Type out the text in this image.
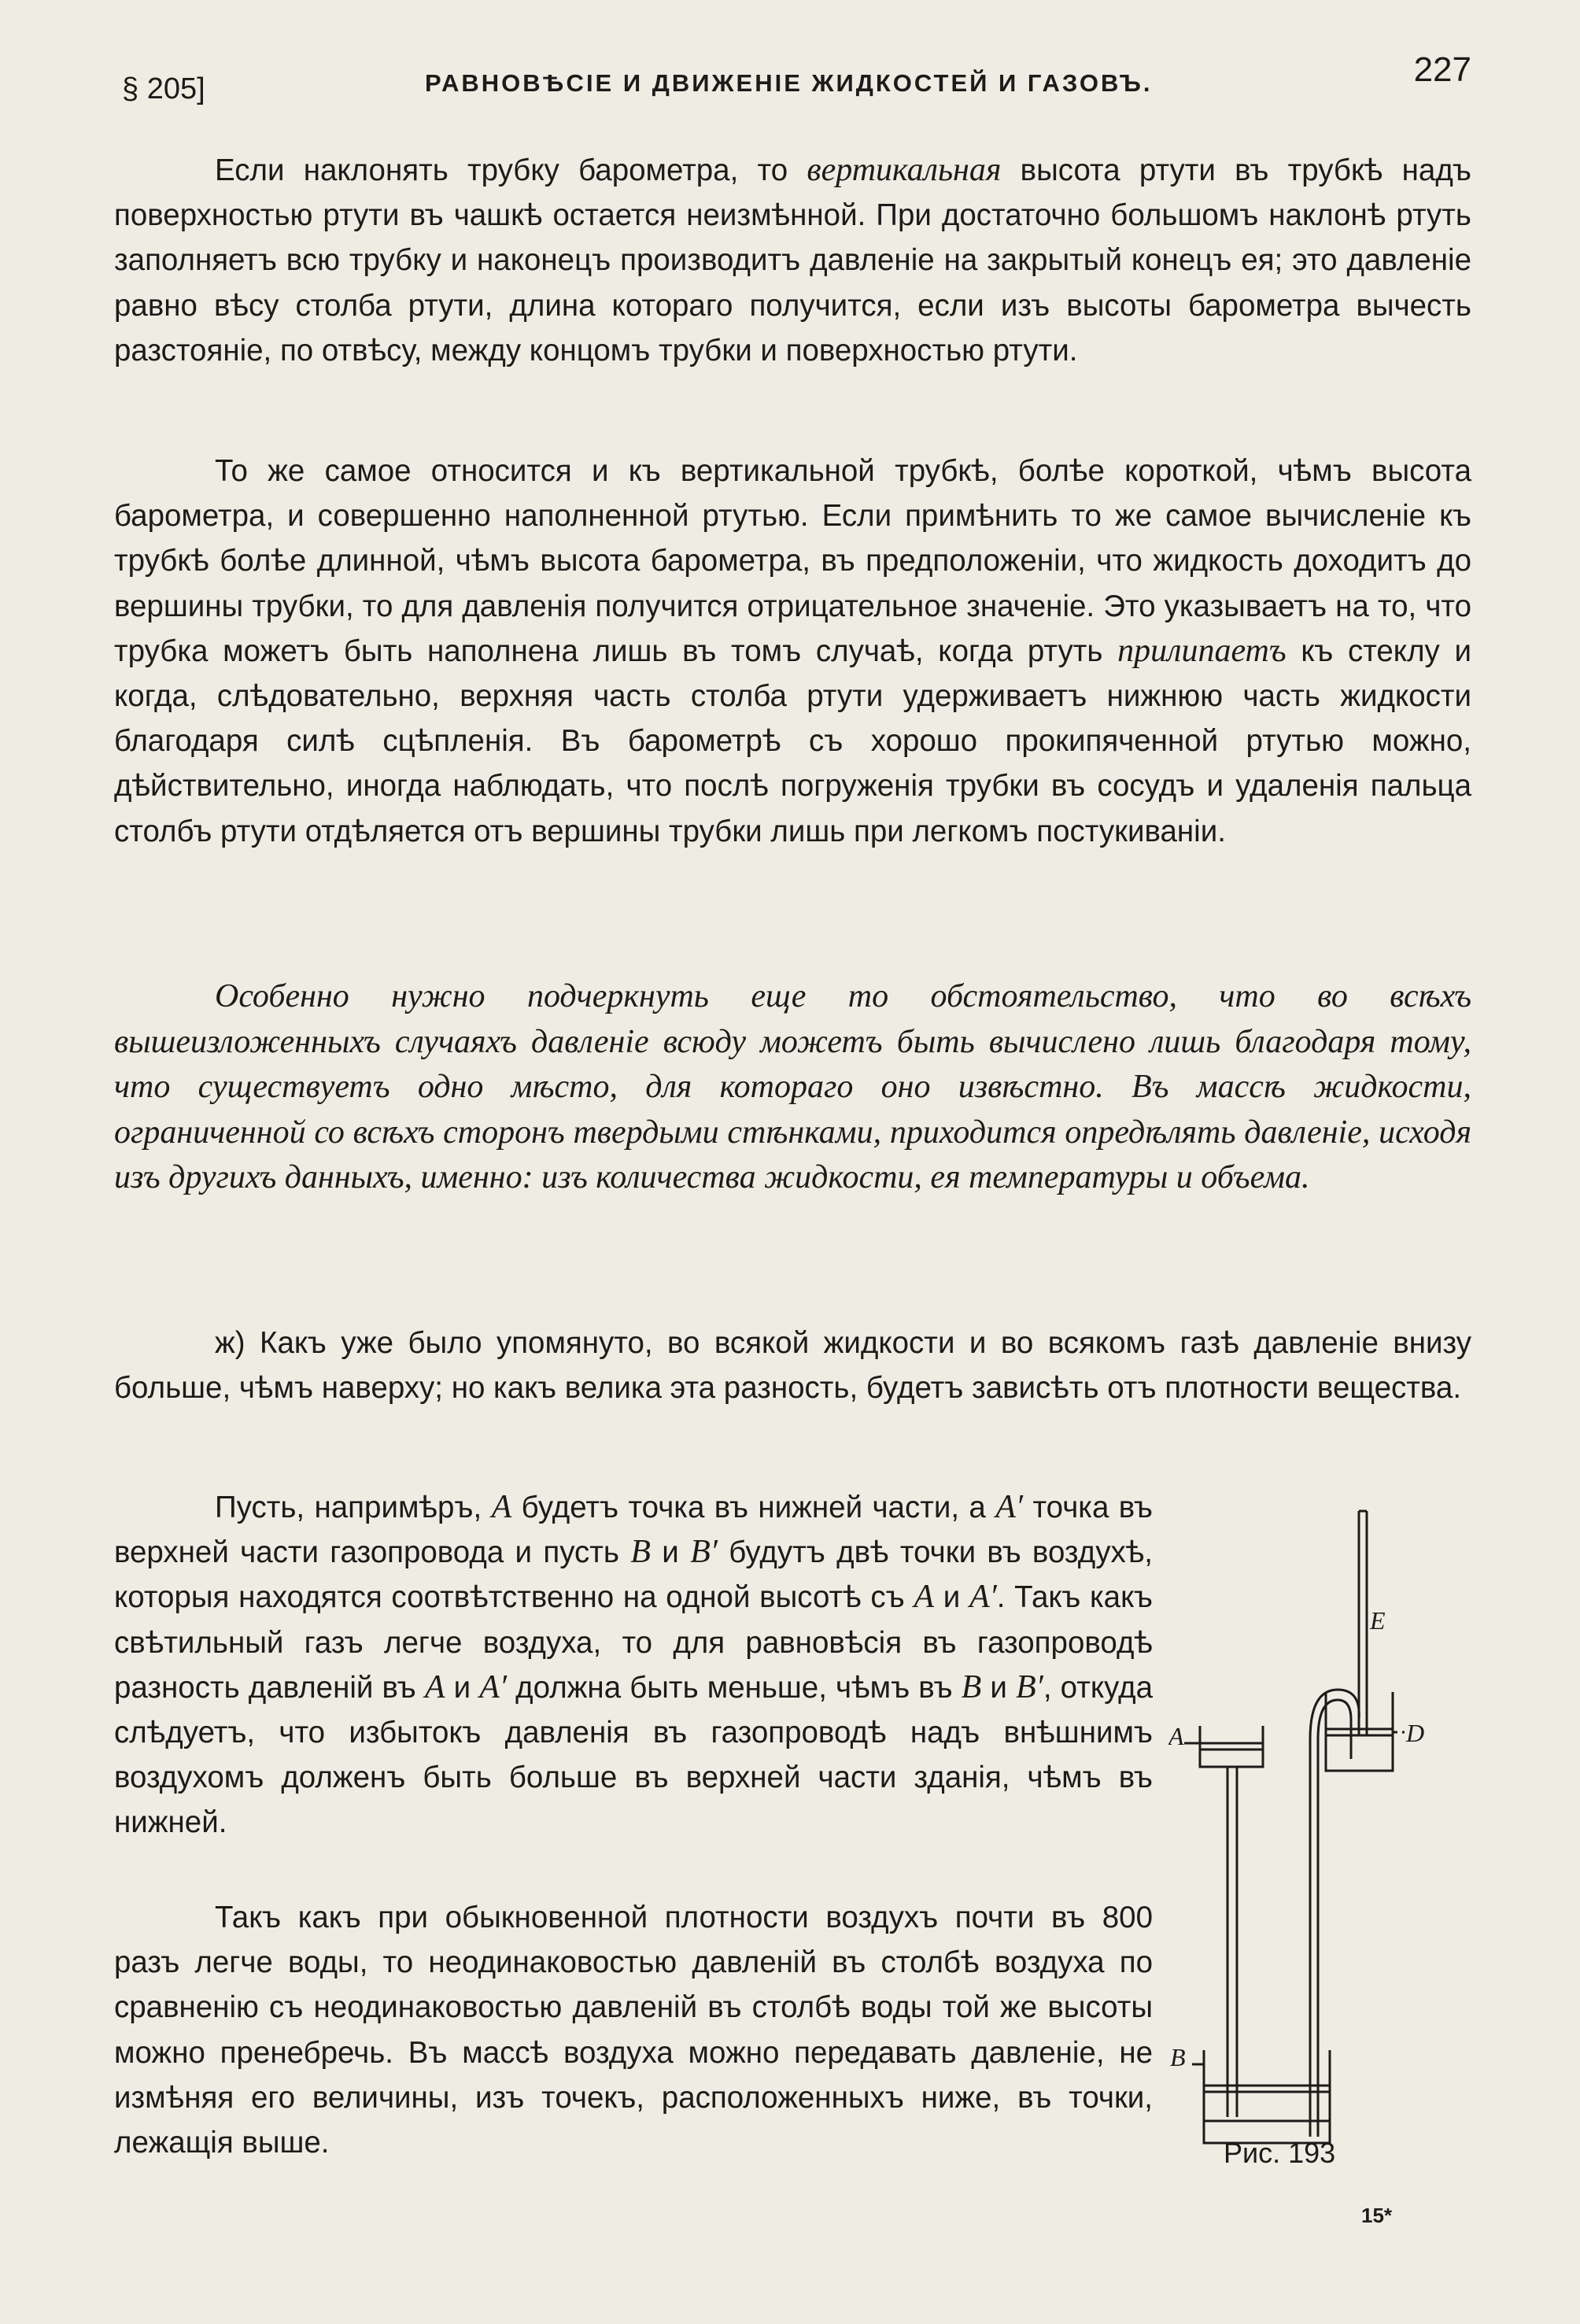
§ 205]	РАВНОВѢСІЕ И ДВИЖЕНІЕ ЖИДКОСТЕЙ И ГАЗОВЪ.	227

Если наклонять трубку барометра, то вертикальная высота ртути въ трубкѣ надъ поверхностью ртути въ чашкѣ остается неизмѣнной. При достаточно большомъ наклонѣ ртуть заполняетъ всю трубку и наконецъ производитъ давленіе на закрытый конецъ ея; это давленіе равно вѣсу столба ртути, длина котораго получится, если изъ высоты барометра вычесть разстояніе, по отвѣсу, между концомъ трубки и поверхностью ртути.

То же самое относится и къ вертикальной трубкѣ, болѣе короткой, чѣмъ высота барометра, и совершенно наполненной ртутью. Если примѣнить то же самое вычисленіе къ трубкѣ болѣе длинной, чѣмъ высота барометра, въ предположеніи, что жидкость доходитъ до вершины трубки, то для давленія получится отрицательное значеніе. Это указываетъ на то, что трубка можетъ быть наполнена лишь въ томъ случаѣ, когда ртуть прилипаетъ къ стеклу и когда, слѣдовательно, верхняя часть столба ртути удерживаетъ нижнюю часть жидкости благодаря силѣ сцѣпленія. Въ барометрѣ съ хорошо прокипяченной ртутью можно, дѣйствительно, иногда наблюдать, что послѣ погруженія трубки въ сосудъ и удаленія пальца столбъ ртути отдѣляется отъ вершины трубки лишь при легкомъ постукиваніи.

Особенно нужно подчеркнуть еще то обстоятельство, что во всѣхъ вышеизложенныхъ случаяхъ давленіе всюду можетъ быть вычислено лишь благодаря тому, что существуетъ одно мѣсто, для котораго оно извѣстно. Въ массѣ жидкости, ограниченной со всѣхъ сторонъ твердыми стѣнками, приходится опредѣлять давленіе, исходя изъ другихъ данныхъ, именно: изъ количества жидкости, ея температуры и объема.

ж) Какъ уже было упомянуто, во всякой жидкости и во всякомъ газѣ давленіе внизу больше, чѣмъ наверху; но какъ велика эта разность, будетъ зависѣть отъ плотности вещества.

Пусть, напримѣръ, A будетъ точка въ нижней части, а A′ точка въ верхней части газопровода и пусть B и B′ будутъ двѣ точки въ воздухѣ, которыя находятся соотвѣтственно на одной высотѣ съ A и A′. Такъ какъ свѣтильный газъ легче воздуха, то для равновѣсія въ газопроводѣ разность давленій въ A и A′ должна быть меньше, чѣмъ въ B и B′, откуда слѣдуетъ, что избытокъ давленія въ газопроводѣ надъ внѣшнимъ воздухомъ долженъ быть больше въ верхней части зданія, чѣмъ въ нижней.

Такъ какъ при обыкновенной плотности воздухъ почти въ 800 разъ легче воды, то неодинаковостью давленій въ столбѣ воздуха по сравненію съ неодинаковостью давленій въ столбѣ воды той же высоты можно пренебречь. Въ массѣ воздуха можно передавать давленіе, не измѣняя его величины, изъ точекъ, расположенныхъ ниже, въ точки, лежащія выше.

E
A	D
B
Рис. 193
15*
